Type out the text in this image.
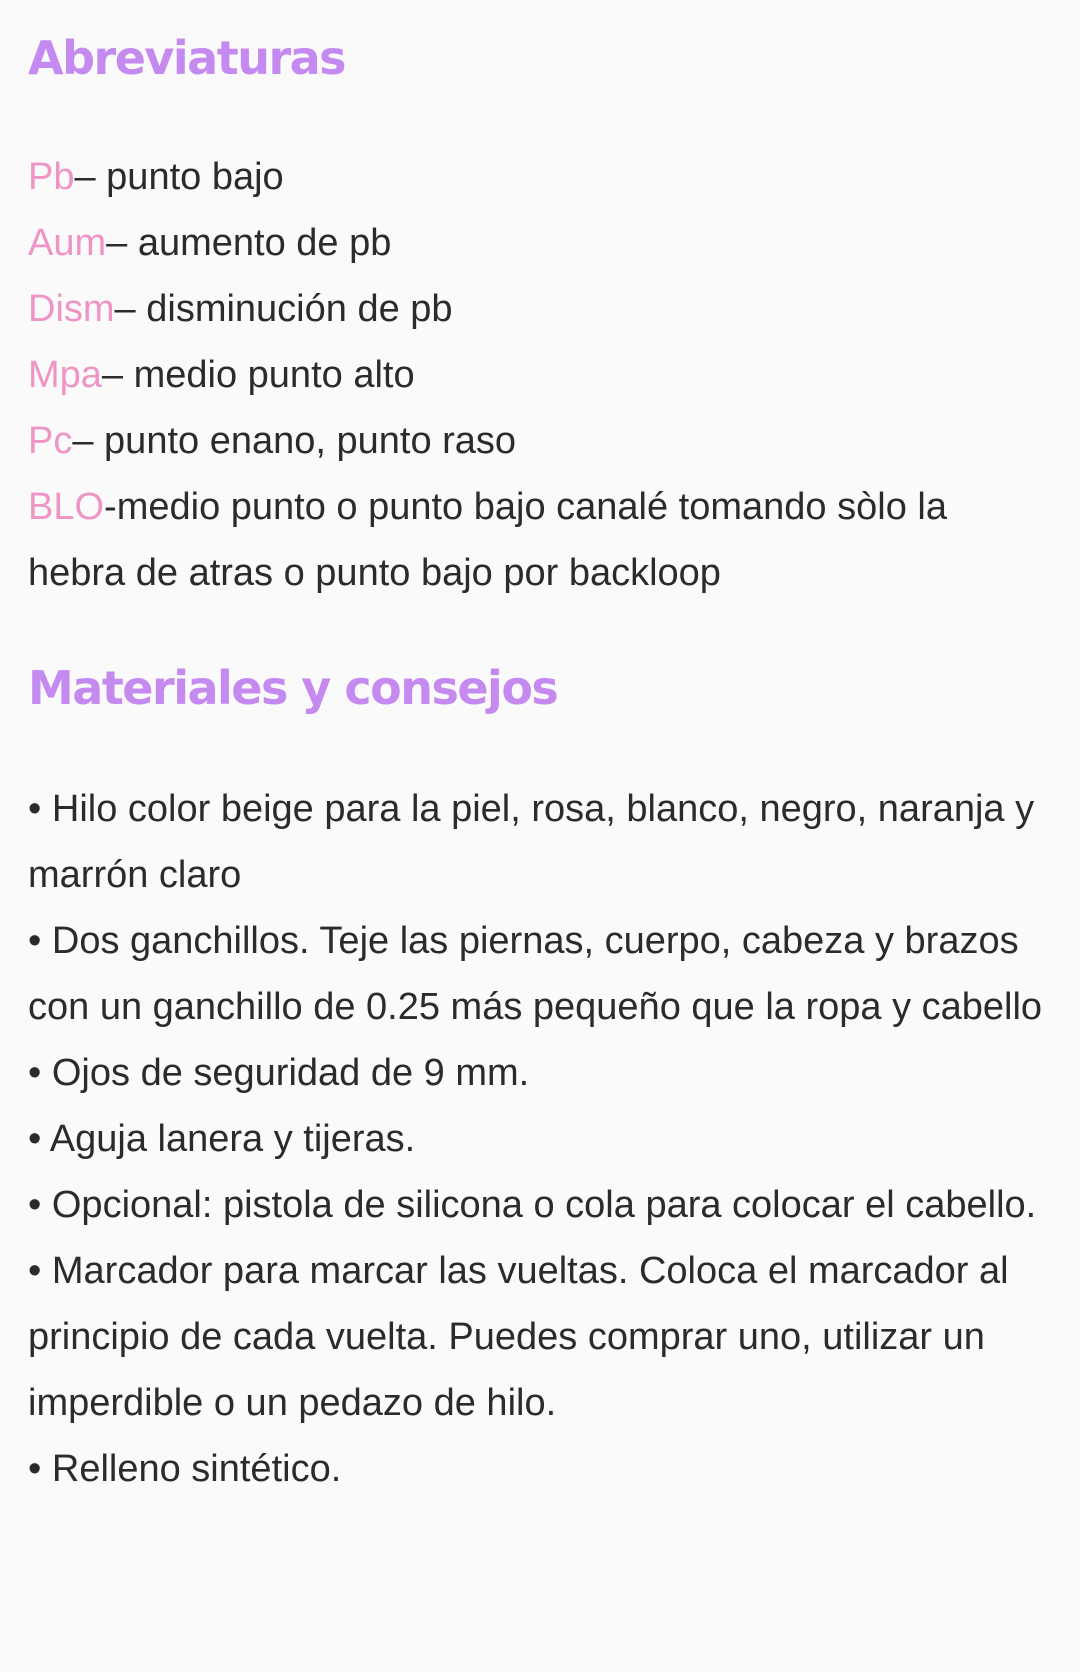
Abreviaturas
Pb– punto bajo
Aum– aumento de pb
Dism– disminución de pb
Mpa– medio punto alto
Pc– punto enano, punto raso
BLO-medio punto o punto bajo canalé tomando sòlo la hebra de atras o punto bajo por backloop
Materiales y consejos
• Hilo color beige para la piel, rosa, blanco, negro, naranja y marrón claro
• Dos ganchillos. Teje las piernas, cuerpo, cabeza y brazos con un ganchillo de 0.25 más pequeño que la ropa y cabello
• Ojos de seguridad de 9 mm.
• Aguja lanera y tijeras.
• Opcional: pistola de silicona o cola para colocar el cabello.
• Marcador para marcar las vueltas. Coloca el marcador al principio de cada vuelta. Puedes comprar uno, utilizar un imperdible o un pedazo de hilo.
• Relleno sintético.
